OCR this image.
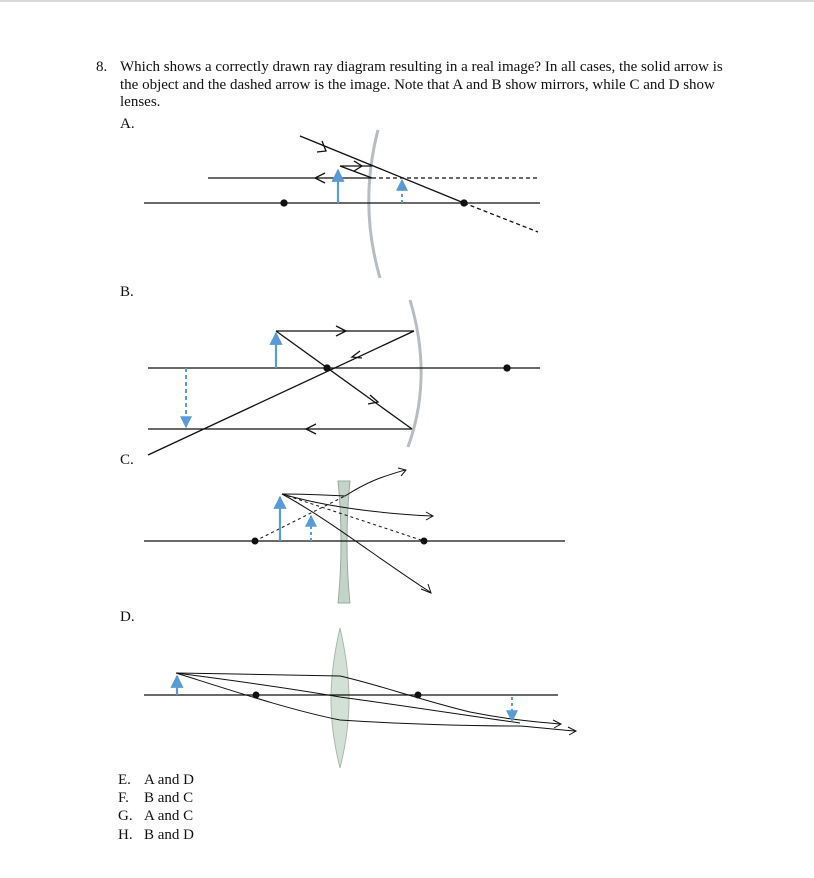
8. Which shows a correctly drawn ray diagram resulting in a real image? In all cases, the solid arrow is the object and the dashed arrow is the image. Note that A and B show mirrors, while C and D show lenses.
A.
B.
C.
D.
E. A and D
F. B and C
G. A and C
H. B and D
